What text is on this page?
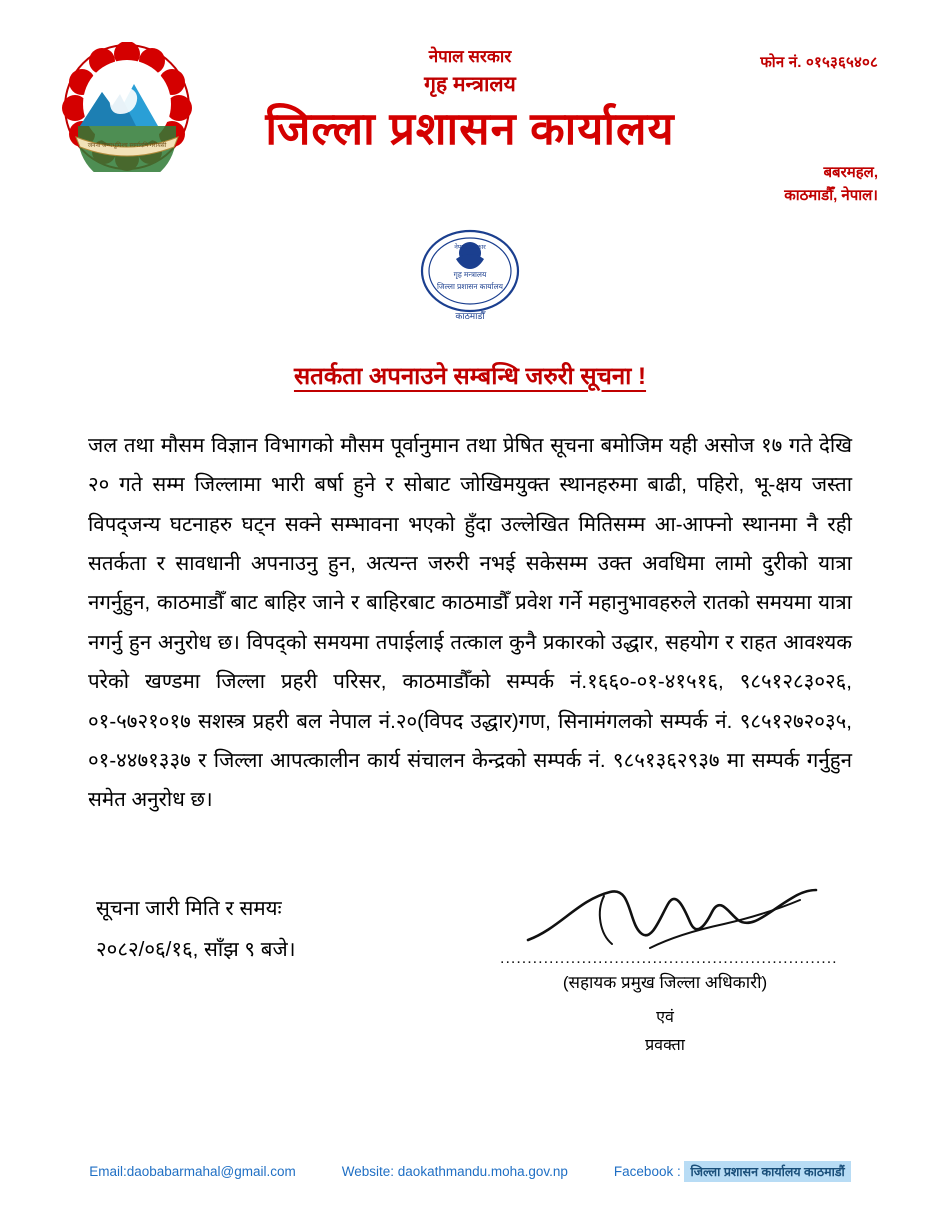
जननी जन्मभूमिश्च स्वर्गादपि गरीयसी
फोन नं. ०१५३६५४०८
नेपाल सरकार
गृह मन्त्रालय
जिल्ला प्रशासन कार्यालय
बबरमहल,
काठमाडौँ, नेपाल।
नेपाल सरकार
गृह मन्त्रालय
जिल्ला प्रशासन कार्यालय
काठमाडौँ
सतर्कता अपनाउने सम्बन्धि जरुरी सूचना !
जल तथा मौसम विज्ञान विभागको मौसम पूर्वानुमान तथा प्रेषित सूचना बमोजिम यही असोज १७ गते देखि २० गते सम्म जिल्लामा भारी बर्षा हुने र सोबाट जोखिमयुक्त स्थानहरुमा बाढी, पहिरो, भू-क्षय जस्ता विपद्‌जन्य घटनाहरु घट्न सक्ने सम्भावना भएको हुँदा उल्लेखित मितिसम्म आ-आफ्नो स्थानमा नै रही सतर्कता र सावधानी अपनाउनु हुन, अत्यन्त जरुरी नभई सकेसम्म उक्त अवधिमा लामो दुरीको यात्रा नगर्नुहुन, काठमाडौँ बाट बाहिर जाने र बाहिरबाट काठमाडौँ प्रवेश गर्ने महानुभावहरुले रातको समयमा यात्रा नगर्नु हुन अनुरोध छ। विपद्को समयमा तपाईलाई तत्काल कुनै प्रकारको उद्धार, सहयोग र राहत आवश्यक परेको खण्डमा जिल्ला प्रहरी परिसर, काठमाडौँको सम्पर्क नं.१६६०-०१-४१५१६, ९८५१२८३०२६, ०१-५७२१०१७ सशस्त्र प्रहरी बल नेपाल नं.२०(विपद उद्धार)गण, सिनामंगलको सम्पर्क नं. ९८५१२७२०३५, ०१-४४७१३३७ र जिल्ला आपत्कालीन कार्य संचालन केन्द्रको सम्पर्क नं. ९८५१३६२९३७ मा सम्पर्क गर्नुहुन समेत अनुरोध छ।
सूचना जारी मिति र समयः
२०८२/०६/१६, साँझ ९ बजे।	..............................................................
(सहायक प्रमुख जिल्ला अधिकारी)
एवं
प्रवक्ता
Email:daobabarmahal@gmail.com	Website: daokathmandu.moha.gov.np	Facebook : जिल्ला प्रशासन कार्यालय काठमाडौं
